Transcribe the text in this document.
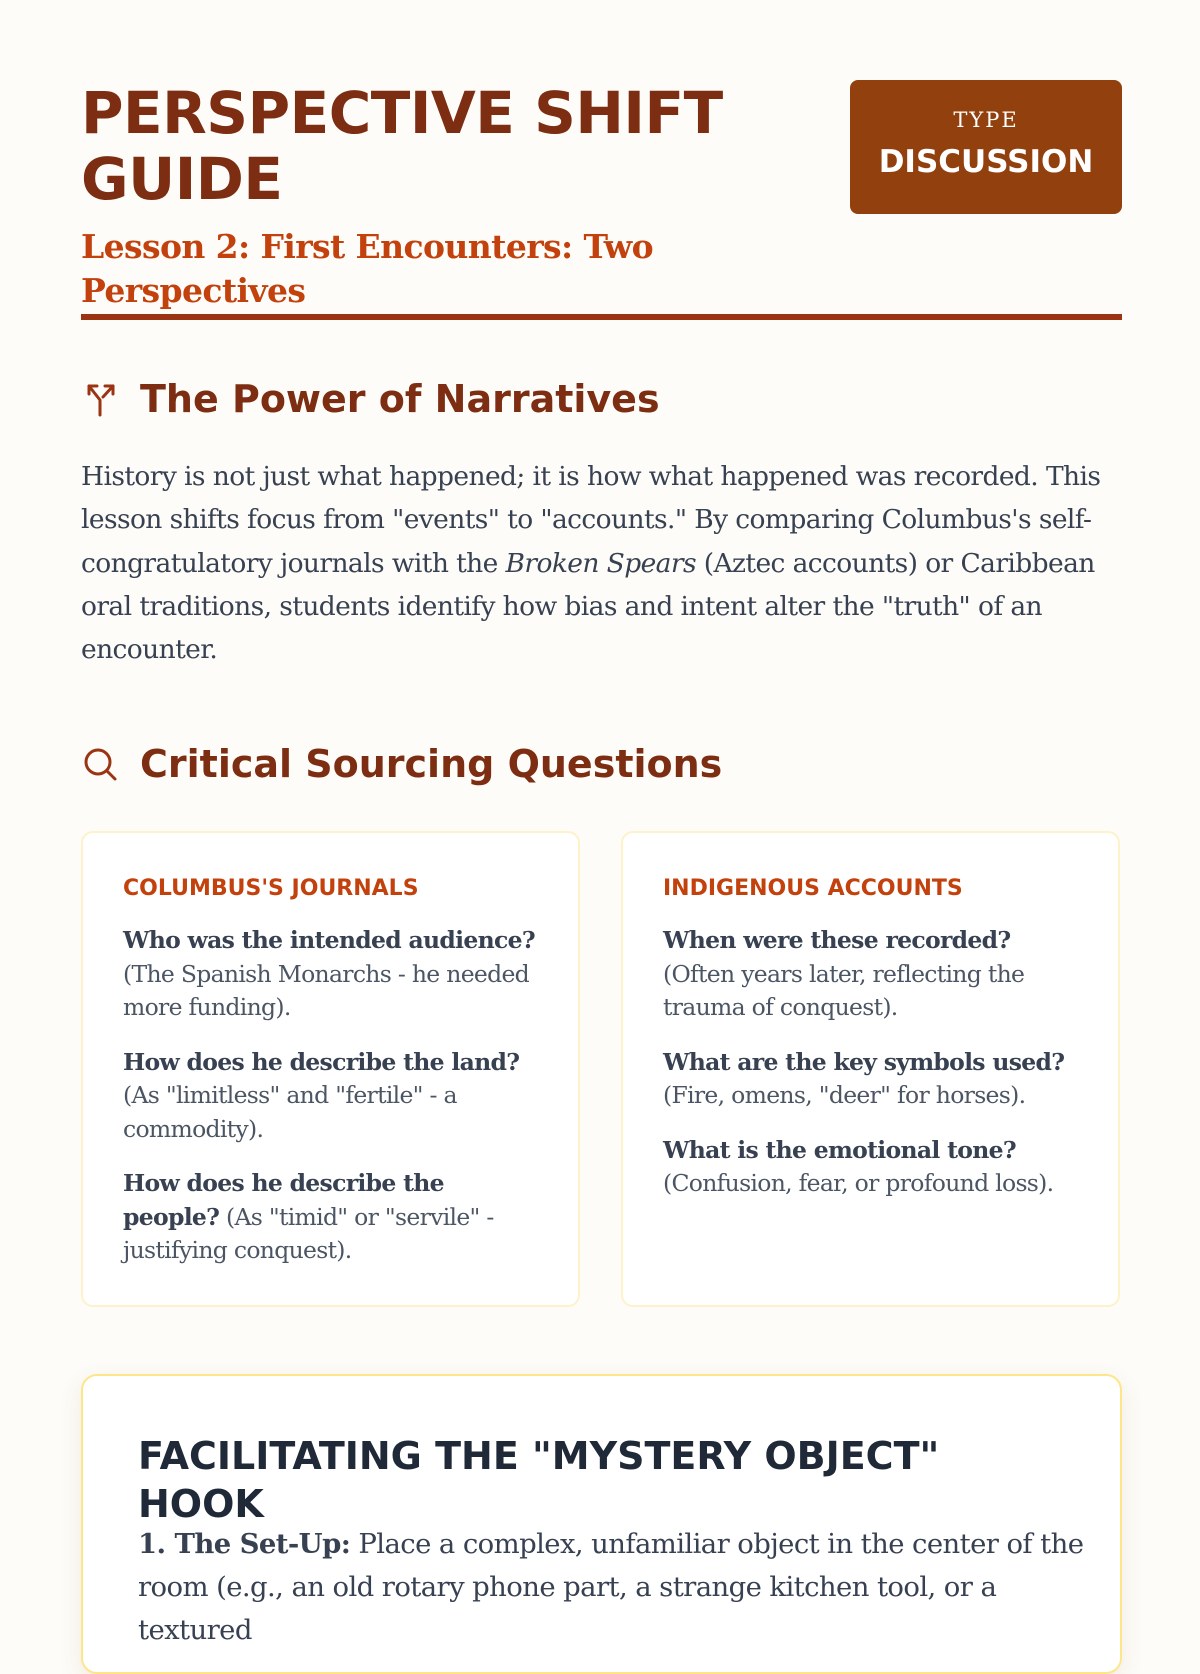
PERSPECTIVE SHIFT GUIDE
Lesson 2: First Encounters: Two Perspectives
TYPE
DISCUSSION
The Power of Narratives

History is not just what happened; it is how what happened was recorded. This lesson shifts focus from "events" to "accounts." By comparing Columbus's self-congratulatory journals with the Broken Spears (Aztec accounts) or Caribbean oral traditions, students identify how bias and intent alter the "truth" of an encounter.

Critical Sourcing Questions
COLUMBUS'S JOURNALS
Who was the intended audience? (The Spanish Monarchs - he needed more funding).
How does he describe the land? (As "limitless" and "fertile" - a commodity).
How does he describe the people? (As "timid" or "servile" - justifying conquest).
INDIGENOUS ACCOUNTS
When were these recorded? (Often years later, reflecting the trauma of conquest).
What are the key symbols used? (Fire, omens, "deer" for horses).
What is the emotional tone? (Confusion, fear, or profound loss).
FACILITATING THE "MYSTERY OBJECT" HOOK

1. The Set-Up: Place a complex, unfamiliar object in the center of the room (e.g., an old rotary phone part, a strange kitchen tool, or a textured
